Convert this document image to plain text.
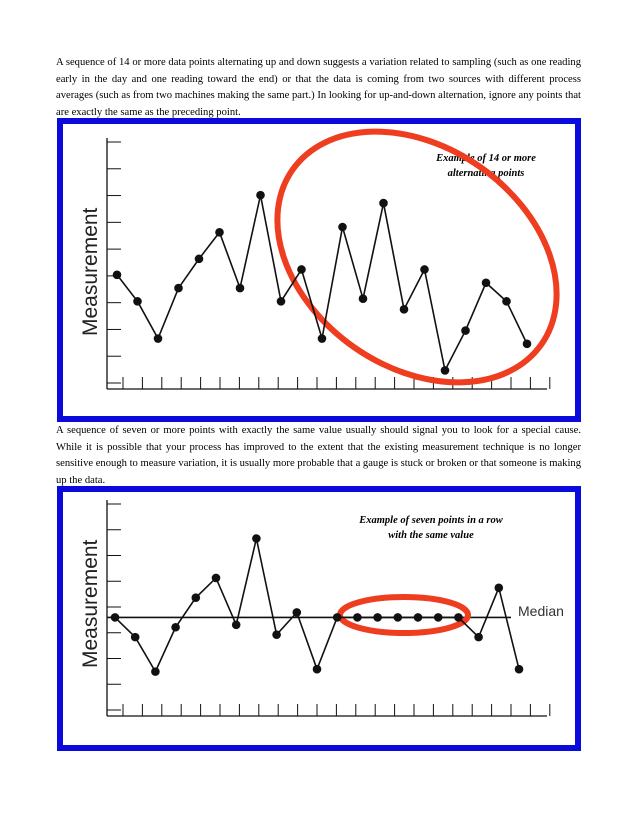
A sequence of 14 or more data points alternating up and down suggests a variation related to sampling (such as one reading early in the day and one reading toward the end) or that the data is coming from two sources with different process averages (such as from two machines making the same part.) In looking for up-and-down alternation, ignore any points that are exactly the same as the preceding point.

Measurement
Example of 14 or more
alternating points

A sequence of seven or more points with exactly the same value usually should signal you to look for a special cause. While it is possible that your process has improved to the extent that the existing measurement technique is no longer sensitive enough to measure variation, it is usually more probable that a gauge is stuck or broken or that someone is making up the data.

Measurement
Example of seven points in a row
with the same value
Median
